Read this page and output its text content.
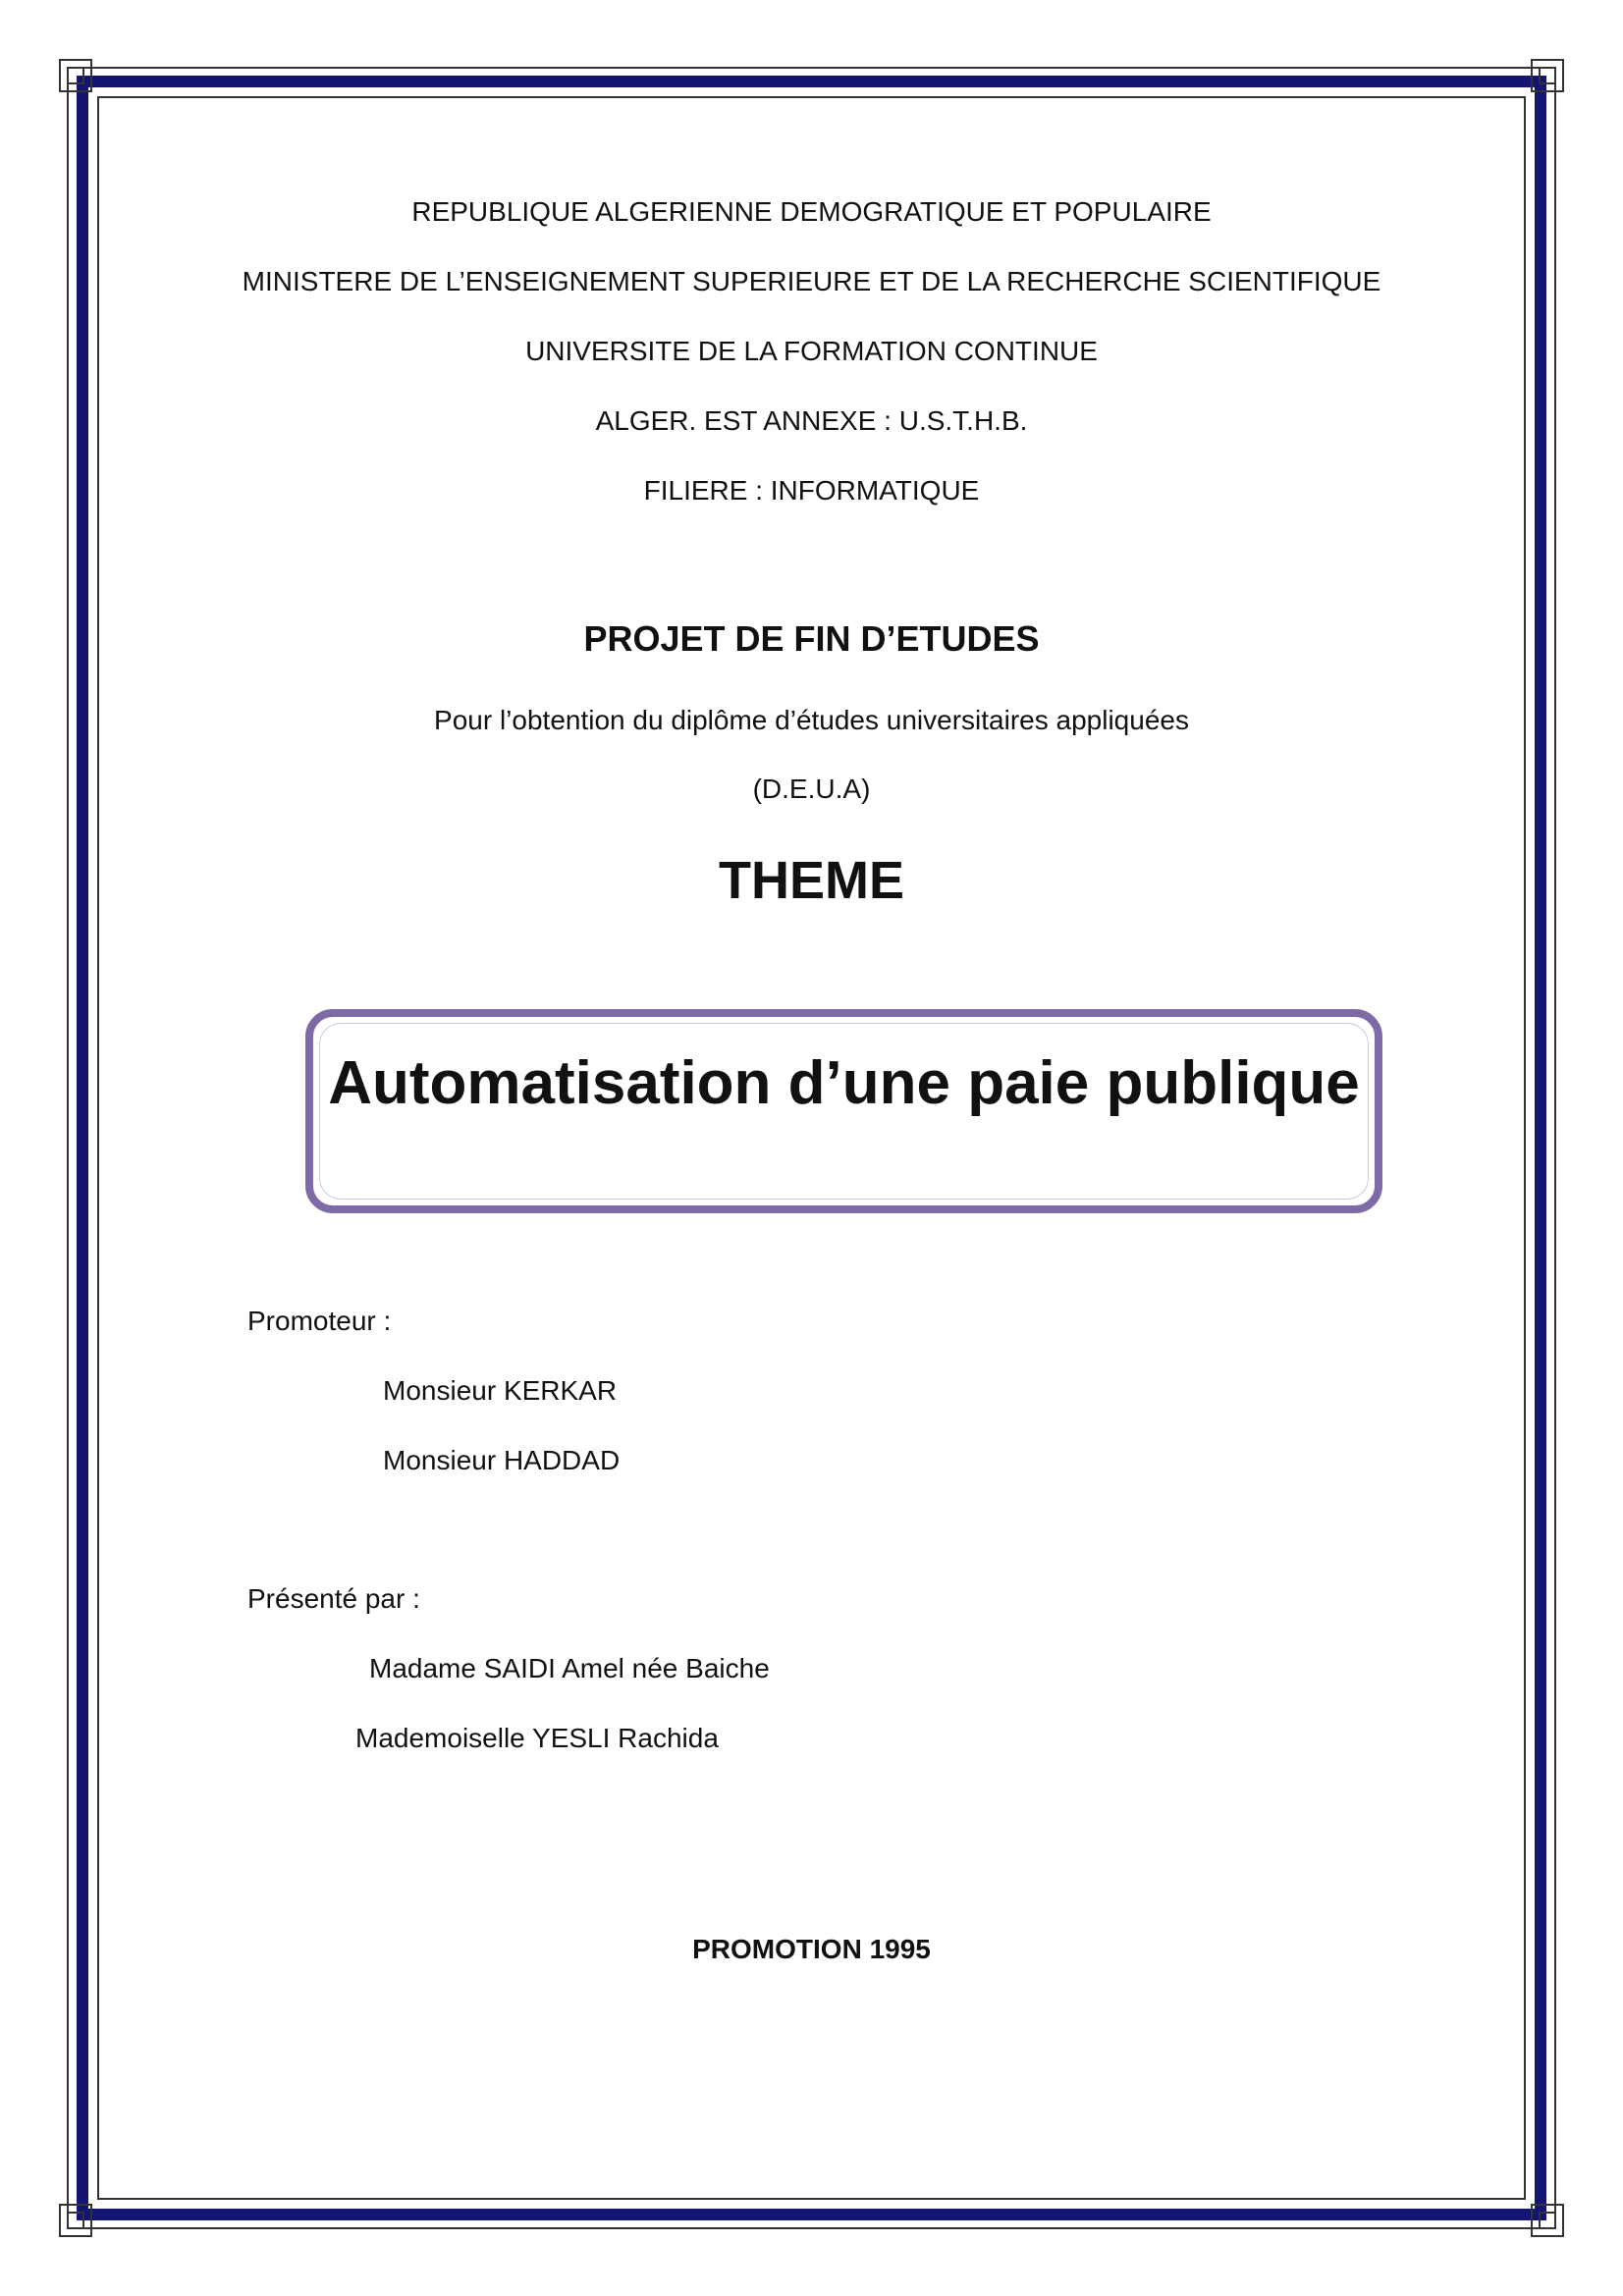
REPUBLIQUE ALGERIENNE DEMOGRATIQUE ET POPULAIRE
MINISTERE DE L’ENSEIGNEMENT SUPERIEURE ET DE LA RECHERCHE SCIENTIFIQUE
UNIVERSITE DE LA FORMATION CONTINUE
ALGER. EST ANNEXE : U.S.T.H.B.
FILIERE : INFORMATIQUE
PROJET DE FIN D’ETUDES
Pour l’obtention du diplôme d’études universitaires appliquées
(D.E.U.A)
THEME
Automatisation d’une paie publique
Promoteur :
Monsieur KERKAR
Monsieur HADDAD
Présenté par :
Madame SAIDI Amel née Baiche
Mademoiselle YESLI Rachida
PROMOTION 1995
